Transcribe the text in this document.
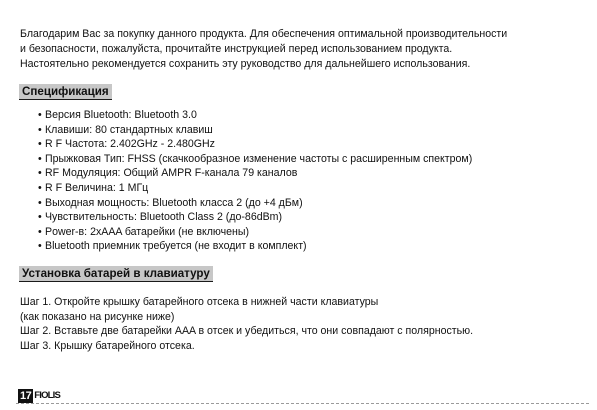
Благодарим Вас за покупку данного продукта. Для обеспечения оптимальной производительности
и безопасности, пожалуйста, прочитайте инструкцией перед использованием продукта.
Настоятельно рекомендуется сохранить эту руководство для дальнейшего использования.

Спецификация
• Версия Bluetooth: Bluetooth 3.0
• Клавиши: 80 стандартных клавиш
• R F Частота: 2.402GHz - 2.480GHz
• Прыжковая Тип: FHSS (скачкообразное изменение частоты с расширенным спектром)
• RF Модуляция: Общий AMPR F-канала 79 каналов
• R F Величина: 1 МГц
• Выходная мощность: Bluetooth класса 2 (до +4 дБм)
• Чувствительность: Bluetooth Class 2 (до-86dBm)
• Power-в: 2xAAA батарейки (не включены)
• Bluetooth приемник требуется (не входит в комплект)
Установка батарей в клавиатуру
Шаг 1. Откройте крышку батарейного отсека в нижней части клавиатуры
(как показано на рисунке ниже)
Шаг 2. Вставьте две батарейки AAA в отсек и убедиться, что они совпадают с полярностью.
Шаг 3. Крышку батарейного отсека.
17 FIOLIS
